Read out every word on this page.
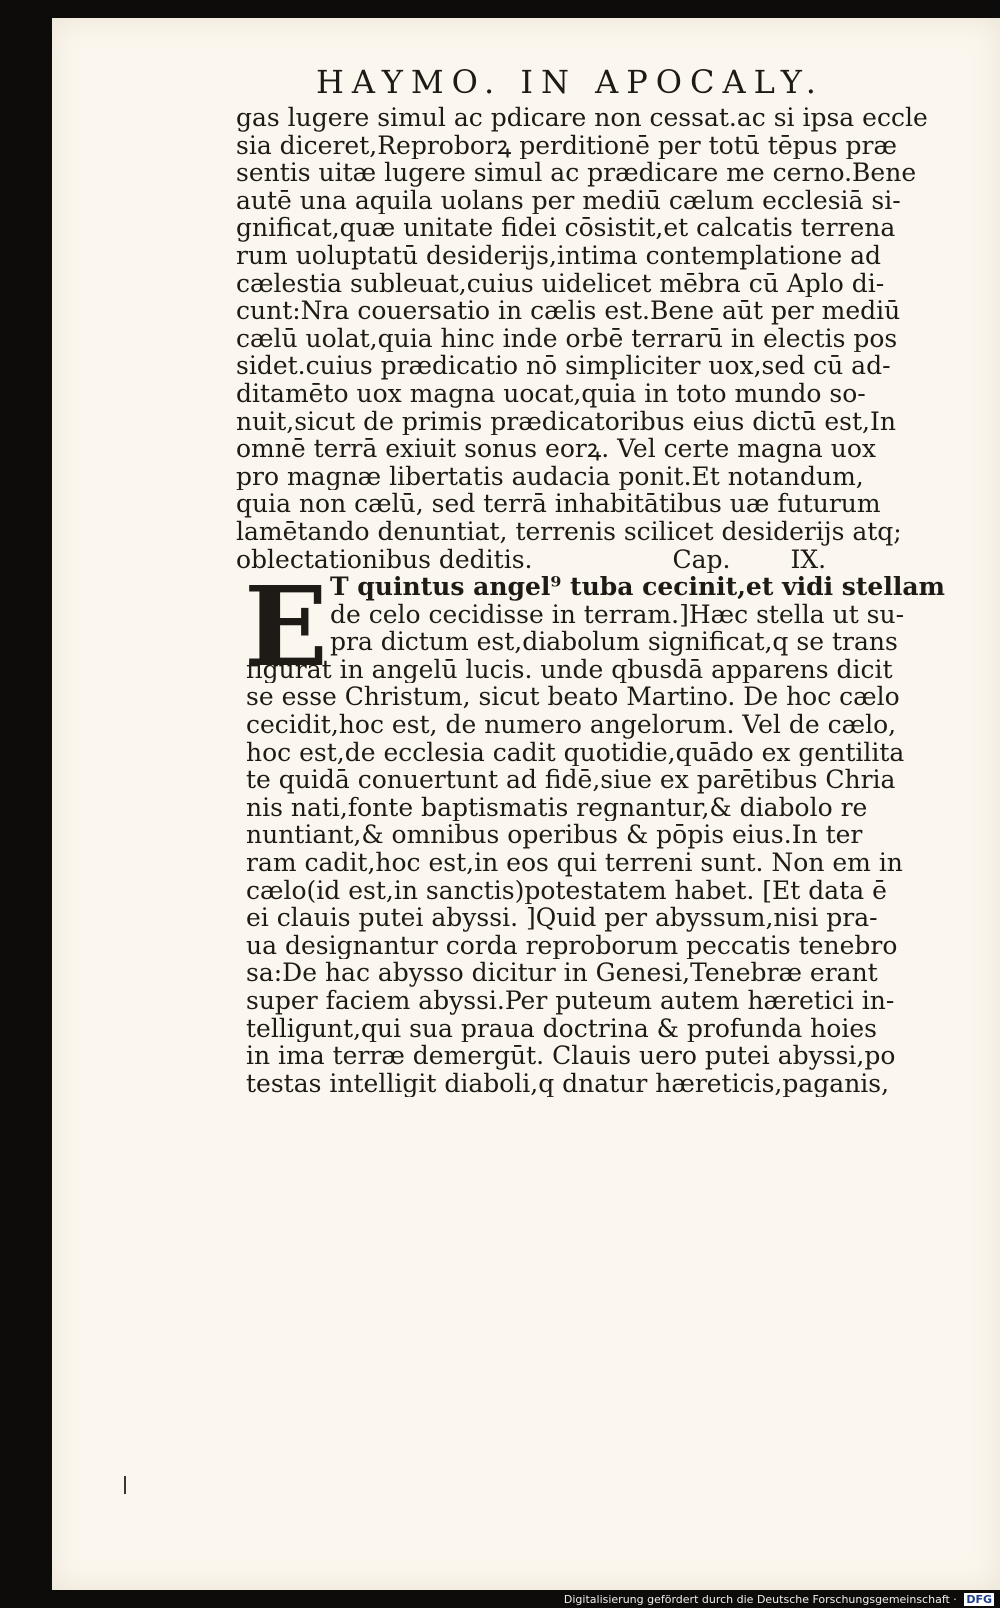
HAYMO. IN APOCALY.

gas lugere simul ac pdicare non cessat.ac si ipsa eccle

sia diceret,Reproborꝝ perditionē per totū tēpus præ

sentis uitæ lugere simul ac prædicare me cerno.Bene

autē una aquila uolans per mediū cælum ecclesiā si-

gnificat,quæ unitate fidei cōsistit,et calcatis terrena

rum uoluptatū desiderijs,intima contemplatione ad

cælestia subleuat,cuius uidelicet mēbra cū Aplo di-

cunt:Nra couersatio in cælis est.Bene aūt per mediū

cælū uolat,quia hinc inde orbē terrarū in electis pos

sidet.cuius prædicatio nō simpliciter uox,sed cū ad-

ditamēto uox magna uocat,quia in toto mundo so-

nuit,sicut de primis prædicatoribus eius dictū est,In

omnē terrā exiuit sonus eorꝝ. Vel certe magna uox

pro magnæ libertatis audacia ponit.Et notandum,

quia non cælū, sed terrā inhabitātibus uæ futurum

lamētando denuntiat, terrenis scilicet desiderijs atq;

oblectationibus deditis.	Cap. IX.
E T quintus angel⁹ tuba cecinit,et vidi stellam

de celo cecidisse in terram.]Hæc stella ut su-

pra dictum est,diabolum significat,q se trans

figurat in angelū lucis. unde qbusdā apparens dicit

se esse Christum, sicut beato Martino. De hoc cælo

cecidit,hoc est, de numero angelorum. Vel de cælo,

hoc est,de ecclesia cadit quotidie,quādo ex gentilita

te quidā conuertunt ad fidē,siue ex parētibus Chria

nis nati,fonte baptismatis regnantur,& diabolo re

nuntiant,& omnibus operibus & pōpis eius.In ter

ram cadit,hoc est,in eos qui terreni sunt. Non em in

cælo(id est,in sanctis)potestatem habet. [Et data ē

ei clauis putei abyssi. ]Quid per abyssum,nisi pra-

ua designantur corda reproborum peccatis tenebro

sa:De hac abysso dicitur in Genesi,Tenebræ erant

super faciem abyssi.Per puteum autem hæretici in-

telligunt,qui sua praua doctrina & profunda hoies

in ima terræ demergūt. Clauis uero putei abyssi,po

testas intelligit diaboli,q dnatur hæreticis,paganis,

Digitalisierung gefördert durch die Deutsche Forschungsgemeinschaft · DFG
